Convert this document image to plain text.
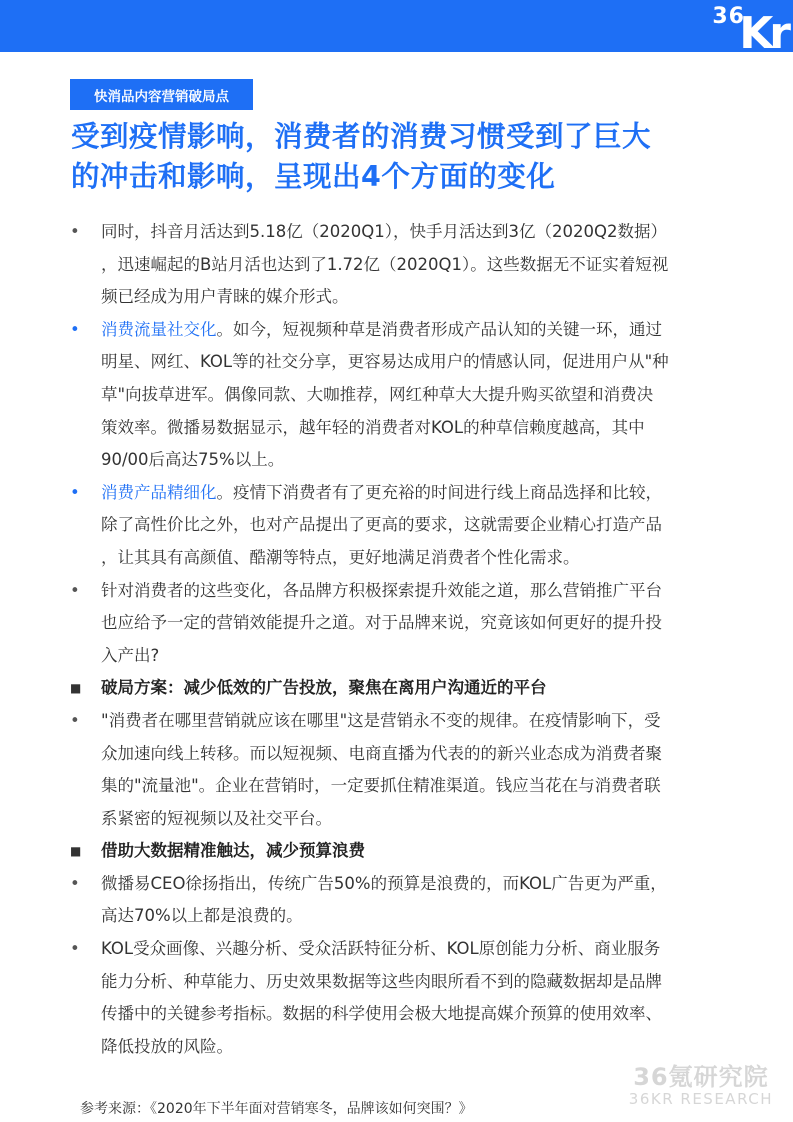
36
Kr
快消品内容营销破局点
受到疫情影响，消费者的消费习惯受到了巨大
的冲击和影响，呈现出4个方面的变化
• 同时，抖音月活达到5.18亿（2020Q1），快手月活达到3亿（2020Q2数据）
，迅速崛起的B站月活也达到了1.72亿（2020Q1）。这些数据无不证实着短视
频已经成为用户青睐的媒介形式。
• 消费流量社交化。如今，短视频种草是消费者形成产品认知的关键一环，通过
明星、网红、KOL等的社交分享，更容易达成用户的情感认同，促进用户从"种
草"向拔草进军。偶像同款、大咖推荐，网红种草大大提升购买欲望和消费决
策效率。微播易数据显示，越年轻的消费者对KOL的种草信赖度越高，其中
90/00后高达75%以上。
• 消费产品精细化。疫情下消费者有了更充裕的时间进行线上商品选择和比较，
除了高性价比之外，也对产品提出了更高的要求，这就需要企业精心打造产品
，让其具有高颜值、酷潮等特点，更好地满足消费者个性化需求。
• 针对消费者的这些变化，各品牌方积极探索提升效能之道，那么营销推广平台
也应给予一定的营销效能提升之道。对于品牌来说，究竟该如何更好的提升投
入产出?
■ 破局方案：减少低效的广告投放，聚焦在离用户沟通近的平台
• "消费者在哪里营销就应该在哪里"这是营销永不变的规律。在疫情影响下，受
众加速向线上转移。而以短视频、电商直播为代表的的新兴业态成为消费者聚
集的"流量池"。企业在营销时，一定要抓住精准渠道。钱应当花在与消费者联
系紧密的短视频以及社交平台。
■ 借助大数据精准触达，减少预算浪费
• 微播易CEO徐扬指出，传统广告50%的预算是浪费的，而KOL广告更为严重，
高达70%以上都是浪费的。
• KOL受众画像、兴趣分析、受众活跃特征分析、KOL原创能力分析、商业服务
能力分析、种草能力、历史效果数据等这些肉眼所看不到的隐藏数据却是品牌
传播中的关键参考指标。数据的科学使用会极大地提高媒介预算的使用效率、
降低投放的风险。
36氪研究院
36KR RESEARCH
参考来源：《2020年下半年面对营销寒冬，品牌该如何突围？》
